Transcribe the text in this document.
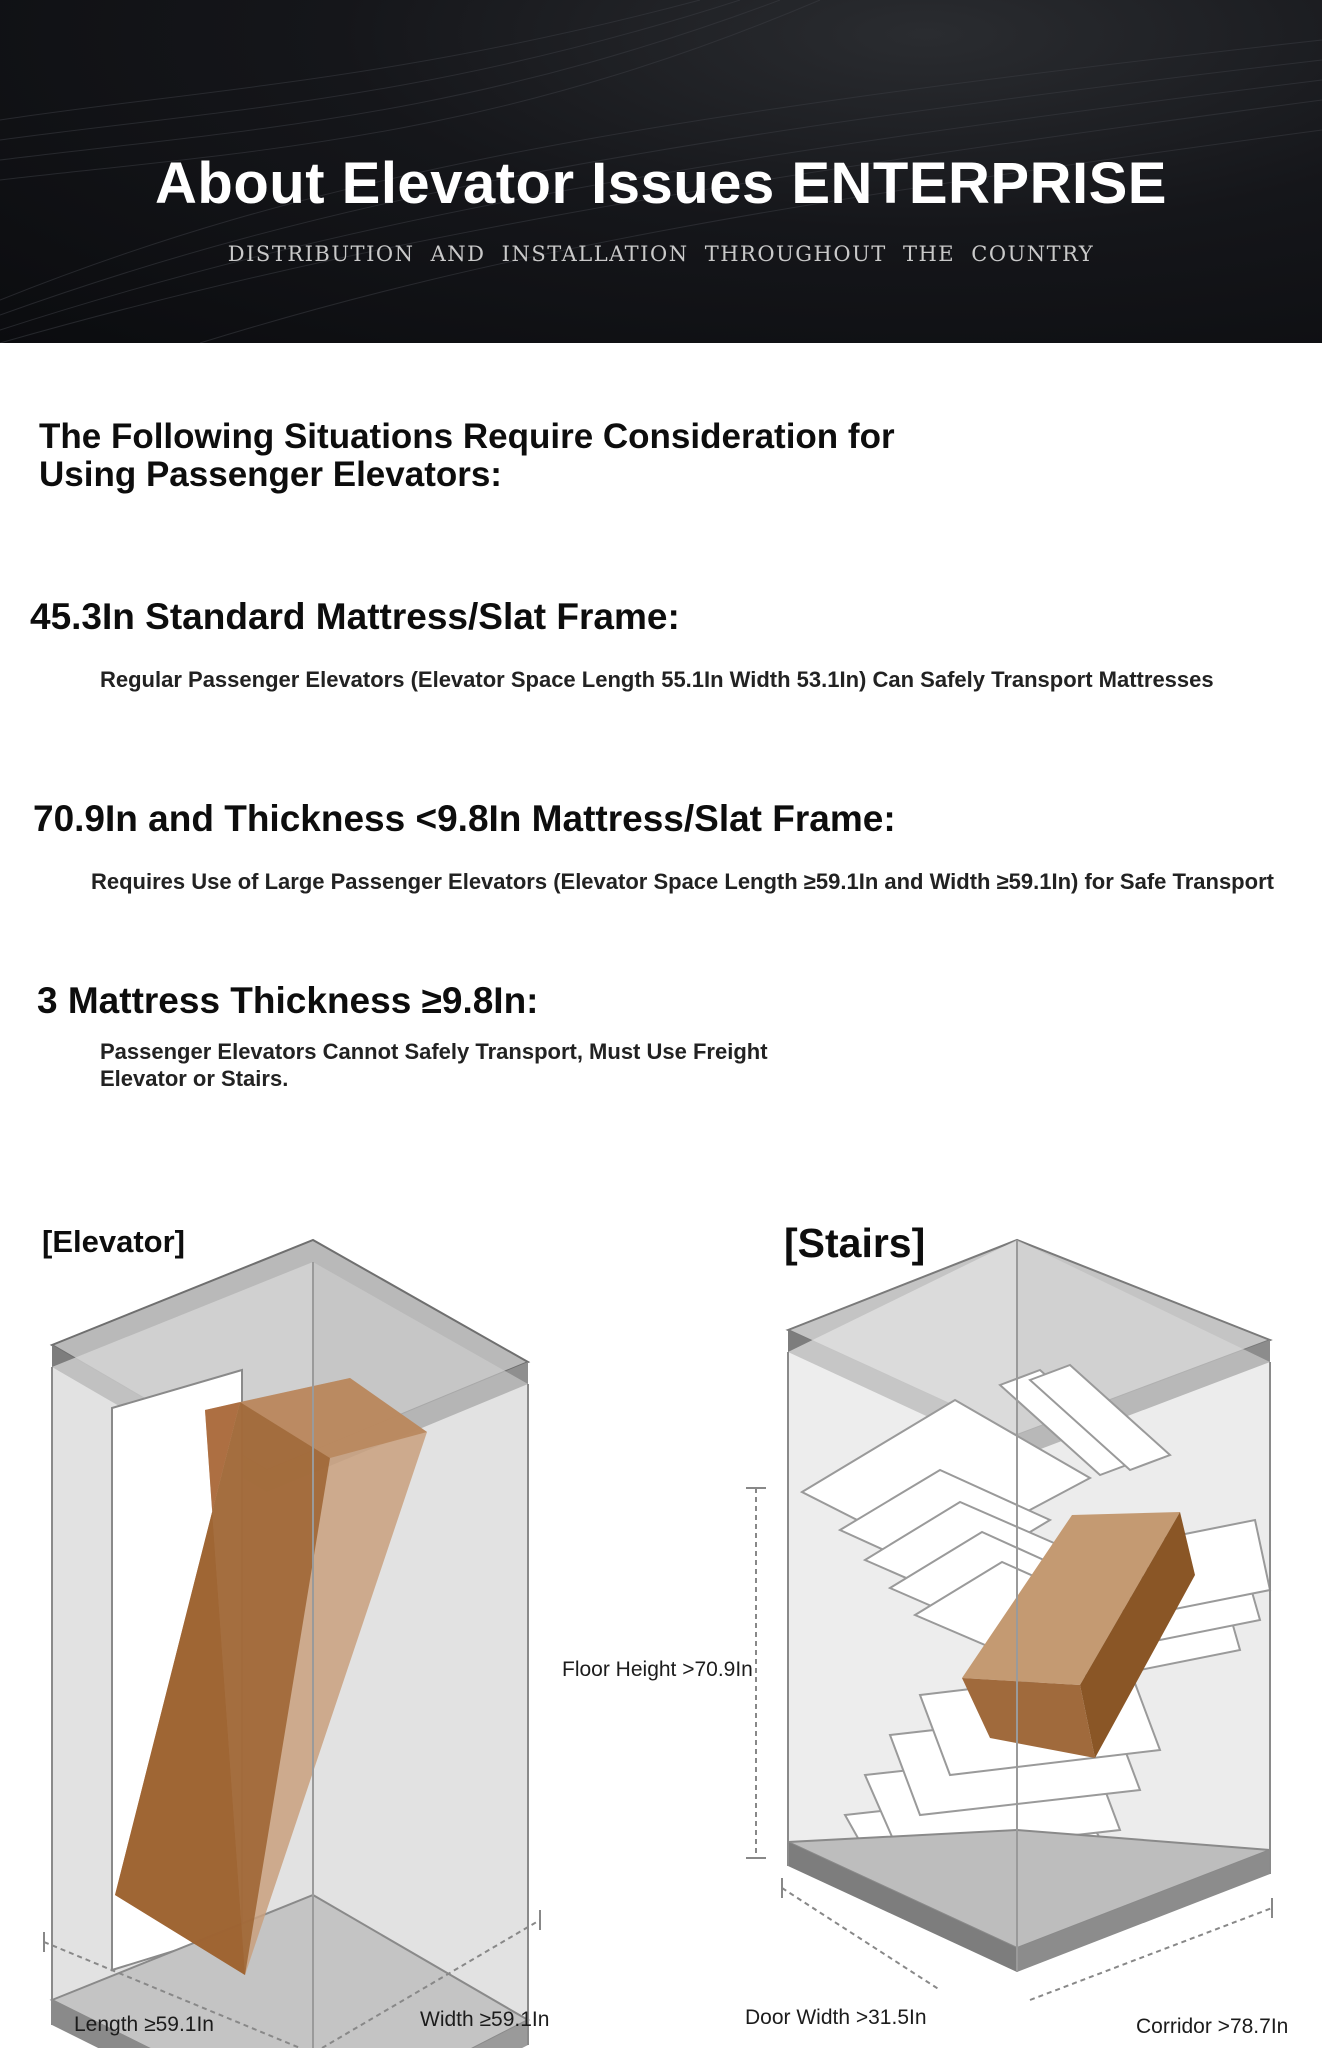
About Elevator Issues ENTERPRISE
DISTRIBUTION AND INSTALLATION THROUGHOUT THE COUNTRY
The Following Situations Require Consideration for
Using Passenger Elevators:
45.3In Standard Mattress/Slat Frame:
Regular Passenger Elevators (Elevator Space Length 55.1In Width 53.1In) Can Safely Transport Mattresses
70.9In and Thickness <9.8In Mattress/Slat Frame:
Requires Use of Large Passenger Elevators (Elevator Space Length ≥59.1In and Width ≥59.1In) for Safe Transport
3 Mattress Thickness ≥9.8In:
Passenger Elevators Cannot Safely Transport, Must Use Freight
Elevator or Stairs.
[Elevator]	[Stairs]
Length ≥59.1In	Width ≥59.1In
Floor Height >70.9In
Door Width >31.5In	Corridor >78.7In
